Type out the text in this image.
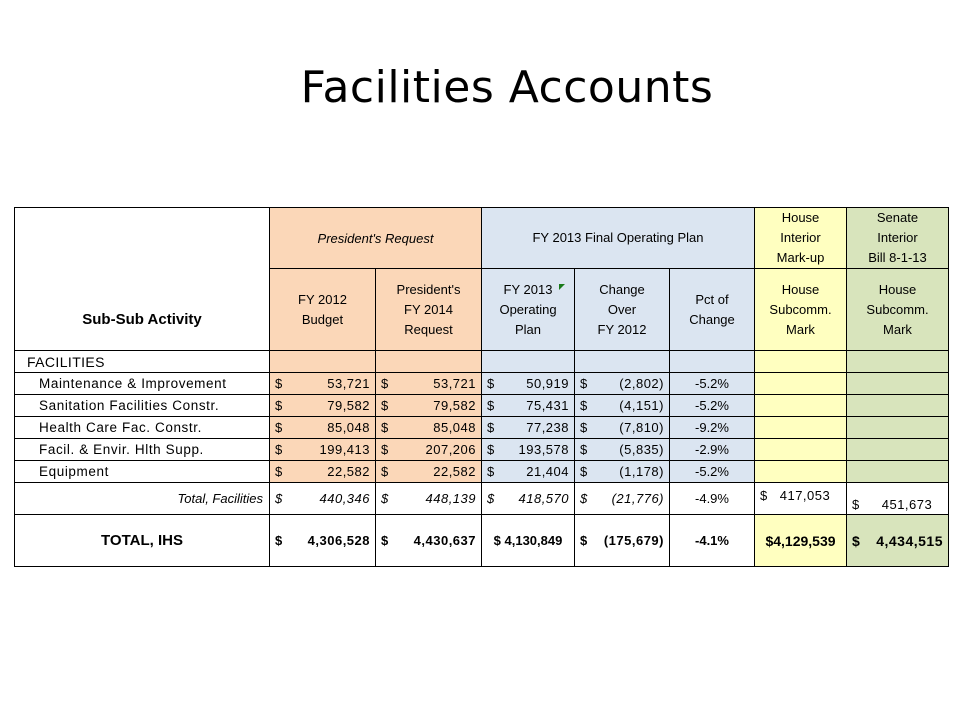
Facilities Accounts
Sub-Sub Activity	President's Request		FY 2013 Final Operating Plan			House
Interior
Mark-up	Senate
Interior
Bill 8-1-13
	FY 2012
Budget	President's
FY 2014
Request	FY 2013
Operating
Plan	Change
Over
FY 2012	Pct of
Change	House
Subcomm.
Mark	House
Subcomm.
Mark
FACILITIES							
Maintenance & Improvement	$ 53,721	$ 53,721	$ 50,919	$ (2,802)	-5.2%		
Sanitation Facilities Constr.	$ 79,582	$ 79,582	$ 75,431	$ (4,151)	-5.2%		
Health Care Fac. Constr.	$ 85,048	$ 85,048	$ 77,238	$ (7,810)	-9.2%		
Facil. & Envir. Hlth Supp.	$ 199,413	$ 207,206	$ 193,578	$ (5,835)	-2.9%		
Equipment	$ 22,582	$ 22,582	$ 21,404	$ (1,178)	-5.2%		
Total, Facilities	$ 440,346	$ 448,139	$ 418,570	$ (21,776)	-4.9%	$ 417,053	$ 451,673

TOTAL, IHS	$ 4,306,528	$ 4,430,637	$ 4,130,849	$ (175,679)	-4.1%	$4,129,539	$ 4,434,515
